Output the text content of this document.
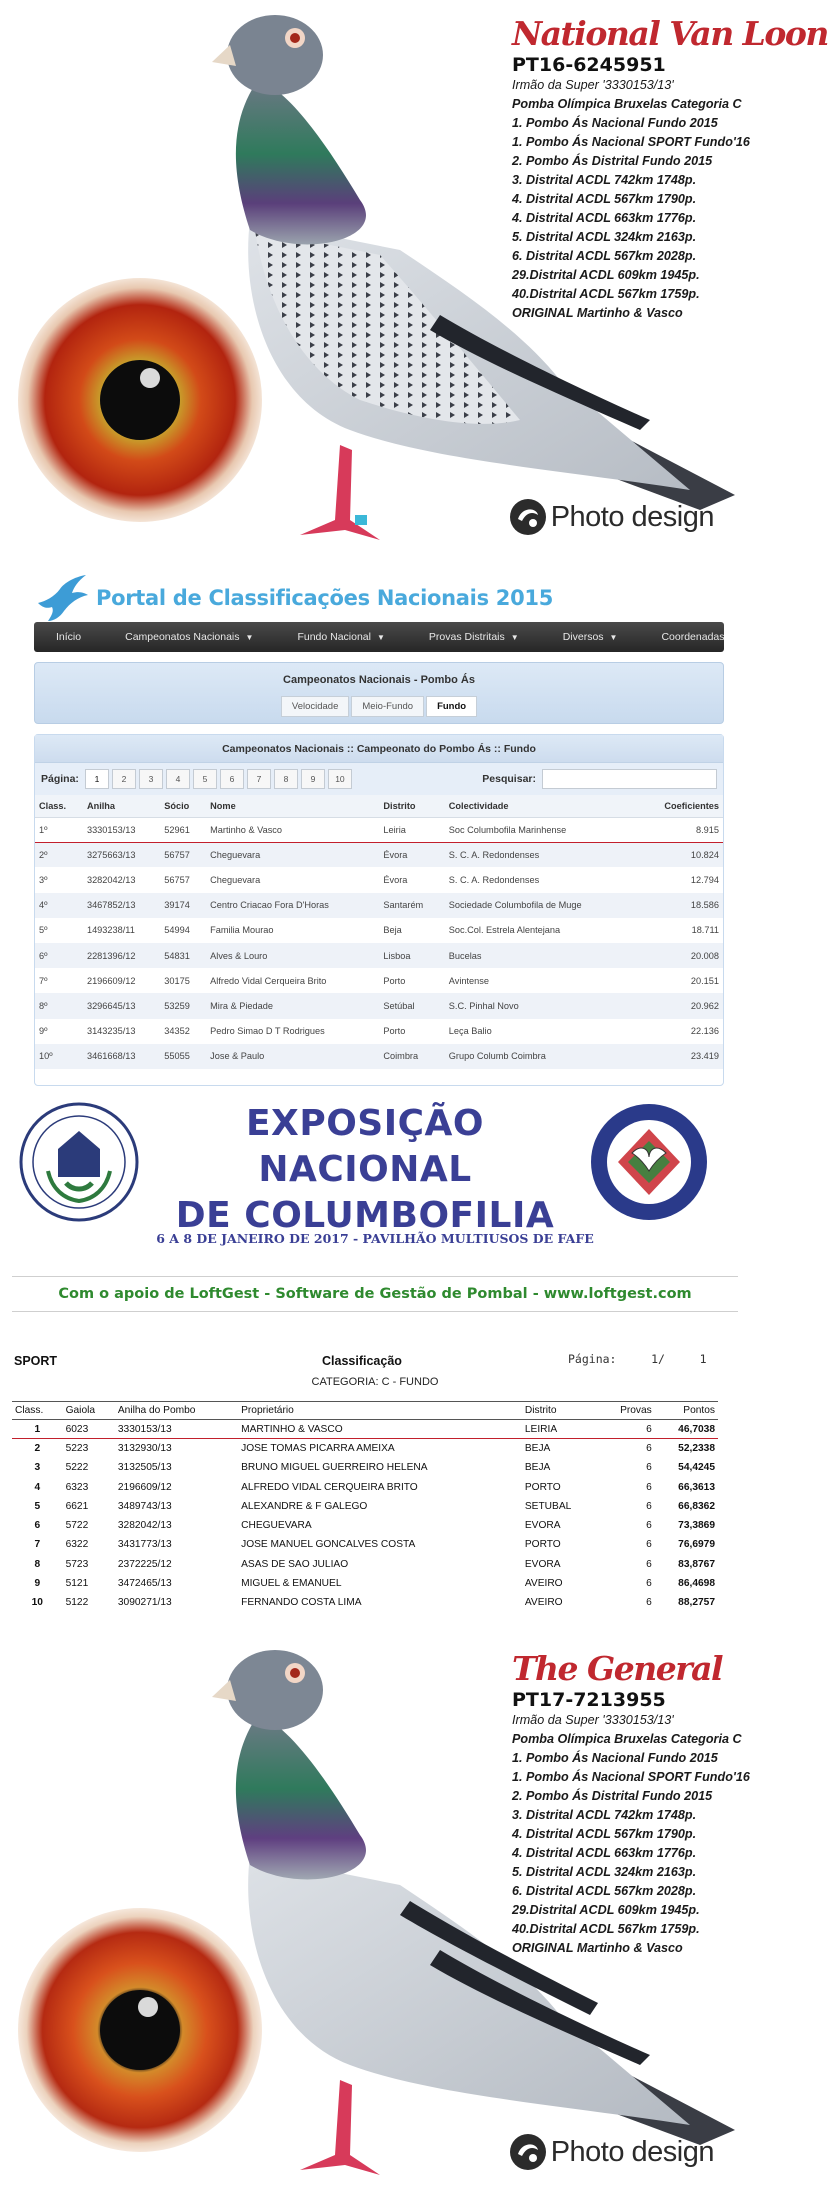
National Van Loon
PT16-6245951
Irmão da Super '3330153/13'
Pomba Olímpica Bruxelas Categoria C
1. Pombo Ás Nacional Fundo 2015
1. Pombo Ás Nacional SPORT Fundo'16
2. Pombo Ás Distrital Fundo 2015
3. Distrital ACDL 742km 1748p.
4. Distrital ACDL 567km 1790p.
4. Distrital ACDL 663km 1776p.
5. Distrital ACDL 324km 2163p.
6. Distrital ACDL 567km 2028p.
29.Distrital ACDL 609km 1945p.
40.Distrital ACDL 567km 1759p.
ORIGINAL Martinho & Vasco
Photo design
Portal de Classificações Nacionais 2015
Início	Campeonatos Nacionais ▼	Fundo Nacional ▼	Provas Distritais ▼	Diversos ▼	Coordenadas
Campeonatos Nacionais - Pombo Ás
Velocidade	Meio-Fundo	Fundo
Campeonatos Nacionais :: Campeonato do Pombo Ás :: Fundo
Página:	1	2	3	4	5	6	7	8	9	10	Pesquisar:
Class.	Anilha	Sócio	Nome	Distrito	Colectividade	Coeficientes
1º	3330153/13	52961	Martinho & Vasco	Leiria	Soc Columbofila Marinhense	8.915
2º	3275663/13	56757	Cheguevara	Évora	S. C. A. Redondenses	10.824
3º	3282042/13	56757	Cheguevara	Évora	S. C. A. Redondenses	12.794
4º	3467852/13	39174	Centro Criacao Fora D'Horas	Santarém	Sociedade Columbofila de Muge	18.586
5º	1493238/11	54994	Familia Mourao	Beja	Soc.Col. Estrela Alentejana	18.711
6º	2281396/12	54831	Alves & Louro	Lisboa	Bucelas	20.008
7º	2196609/12	30175	Alfredo Vidal Cerqueira Brito	Porto	Avintense	20.151
8º	3296645/13	53259	Mira & Piedade	Setúbal	S.C. Pinhal Novo	20.962
9º	3143235/13	34352	Pedro Simao D T Rodrigues	Porto	Leça Balio	22.136
10º	3461668/13	55055	Jose & Paulo	Coimbra	Grupo Columb Coimbra	23.419
EXPOSIÇÃO NACIONAL
DE COLUMBOFILIA
6 A 8 DE JANEIRO DE 2017 - PAVILHÃO MULTIUSOS DE FAFE
Com o apoio de LoftGest - Software de Gestão de Pombal - www.loftgest.com
SPORT	Classificação	Página:	1/	1
CATEGORIA: C - FUNDO
Class.	Gaiola	Anilha do Pombo	Proprietário	Distrito	Provas	Pontos
1	6023	3330153/13	MARTINHO & VASCO	LEIRIA	6	46,7038
2	5223	3132930/13	JOSE TOMAS PICARRA AMEIXA	BEJA	6	52,2338
3	5222	3132505/13	BRUNO MIGUEL GUERREIRO HELENA	BEJA	6	54,4245
4	6323	2196609/12	ALFREDO VIDAL CERQUEIRA BRITO	PORTO	6	66,3613
5	6621	3489743/13	ALEXANDRE & F GALEGO	SETUBAL	6	66,8362
6	5722	3282042/13	CHEGUEVARA	EVORA	6	73,3869
7	6322	3431773/13	JOSE MANUEL GONCALVES COSTA	PORTO	6	76,6979
8	5723	2372225/12	ASAS DE SAO JULIAO	EVORA	6	83,8767
9	5121	3472465/13	MIGUEL & EMANUEL	AVEIRO	6	86,4698
10	5122	3090271/13	FERNANDO COSTA LIMA	AVEIRO	6	88,2757
The General
PT17-7213955
Irmão da Super '3330153/13'
Pomba Olímpica Bruxelas Categoria C
1. Pombo Ás Nacional Fundo 2015
1. Pombo Ás Nacional SPORT Fundo'16
2. Pombo Ás Distrital Fundo 2015
3. Distrital ACDL 742km 1748p.
4. Distrital ACDL 567km 1790p.
4. Distrital ACDL 663km 1776p.
5. Distrital ACDL 324km 2163p.
6. Distrital ACDL 567km 2028p.
29.Distrital ACDL 609km 1945p.
40.Distrital ACDL 567km 1759p.
ORIGINAL Martinho & Vasco
Photo design
